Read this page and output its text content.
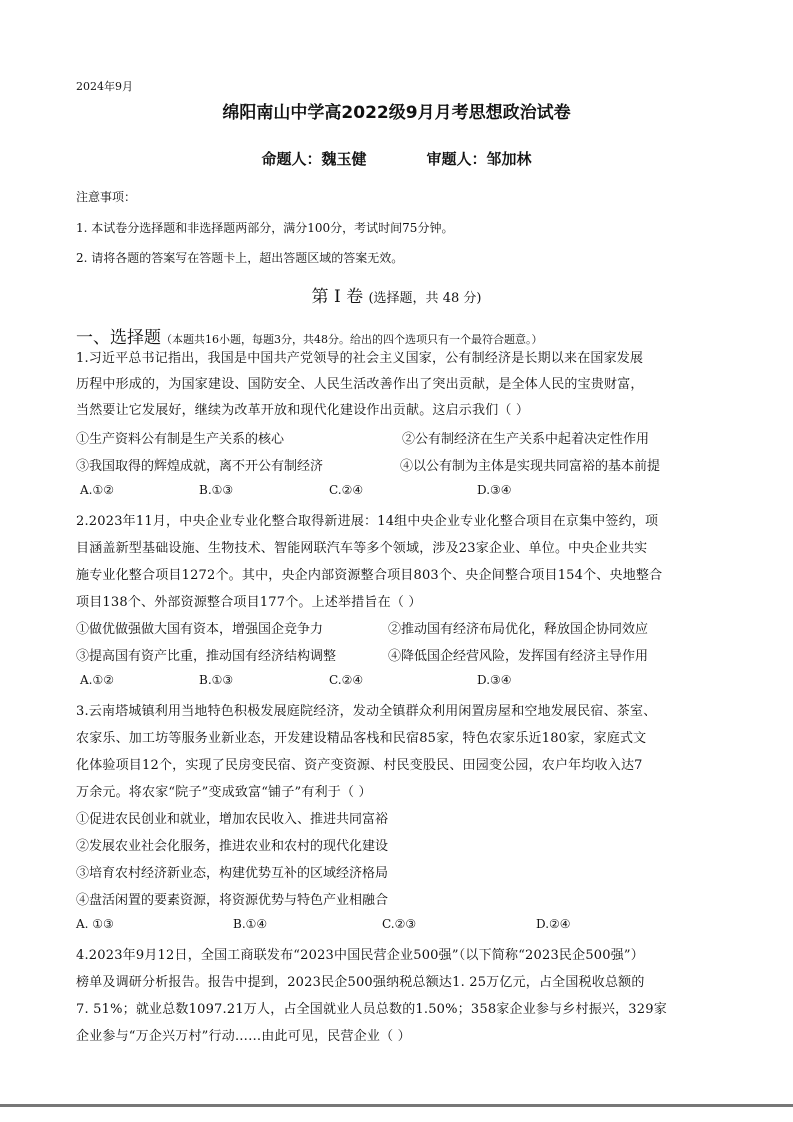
2024年9月
绵阳南山中学高2022级9月月考思想政治试卷
命题人：魏玉健	审题人：邹加林
注意事项：
1. 本试卷分选择题和非选择题两部分，满分100分，考试时间75分钟。
2. 请将各题的答案写在答题卡上，超出答题区域的答案无效。
第 I 卷 (选择题，共 48 分)
一、选择题（本题共16小题，每题3分，共48分。给出的四个选项只有一个最符合题意。）
1.习近平总书记指出，我国是中国共产党领导的社会主义国家，公有制经济是长期以来在国家发展
历程中形成的，为国家建设、国防安全、人民生活改善作出了突出贡献，是全体人民的宝贵财富，
当然要让它发展好，继续为改革开放和现代化建设作出贡献。这启示我们（ ）
①生产资料公有制是生产关系的核心	②公有制经济在生产关系中起着决定性作用
③我国取得的辉煌成就，离不开公有制经济	④以公有制为主体是实现共同富裕的基本前提
A.①②	B.①③	C.②④	D.③④
2.2023年11月，中央企业专业化整合取得新进展：14组中央企业专业化整合项目在京集中签约，项
目涵盖新型基础设施、生物技术、智能网联汽车等多个领域，涉及23家企业、单位。中央企业共实
施专业化整合项目1272个。其中，央企内部资源整合项目803个、央企间整合项目154个、央地整合
项目138个、外部资源整合项目177个。上述举措旨在（ ）
①做优做强做大国有资本，增强国企竞争力	②推动国有经济布局优化，释放国企协同效应
③提高国有资产比重，推动国有经济结构调整	④降低国企经营风险，发挥国有经济主导作用
A.①②	B.①③	C.②④	D.③④
3.云南塔城镇利用当地特色积极发展庭院经济，发动全镇群众利用闲置房屋和空地发展民宿、茶室、
农家乐、加工坊等服务业新业态，开发建设精品客栈和民宿85家，特色农家乐近180家，家庭式文
化体验项目12个，实现了民房变民宿、资产变资源、村民变股民、田园变公园，农户年均收入达7
万余元。将农家“院子”变成致富“铺子”有利于（ ）
①促进农民创业和就业，增加农民收入、推进共同富裕
②发展农业社会化服务，推进农业和农村的现代化建设
③培育农村经济新业态，构建优势互补的区域经济格局
④盘活闲置的要素资源，将资源优势与特色产业相融合
A. ①③	B.①④	C.②③	D.②④
4.2023年9月12日，全国工商联发布“2023中国民营企业500强”（以下简称“2023民企500强”）
榜单及调研分析报告。报告中提到，2023民企500强纳税总额达1. 25万亿元，占全国税收总额的
7. 51%；就业总数1097.21万人，占全国就业人员总数的1.50%；358家企业参与乡村振兴，329家
企业参与“万企兴万村”行动……由此可见，民营企业（ ）
